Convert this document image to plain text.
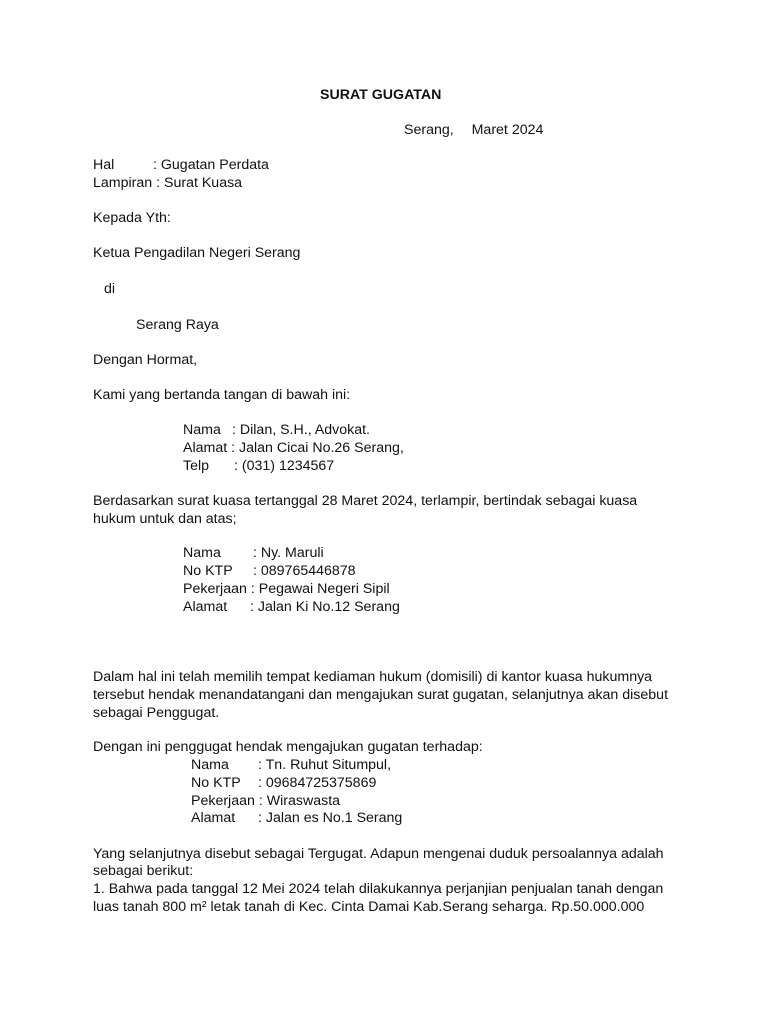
SURAT GUGATAN
Serang, Maret 2024
Hal	: Gugatan Perdata
Lampiran : Surat Kuasa
Kepada Yth:
Ketua Pengadilan Negeri Serang
di
Serang Raya
Dengan Hormat,
Kami yang bertanda tangan di bawah ini:
Nama : Dilan, S.H., Advokat.
Alamat : Jalan Cicai No.26 Serang,
Telp : (031) 1234567
Berdasarkan surat kuasa tertanggal 28 Maret 2024, terlampir, bertindak sebagai kuasa
hukum untuk dan atas;
Nama : Ny. Maruli
No KTP : 089765446878
Pekerjaan : Pegawai Negeri Sipil
Alamat : Jalan Ki No.12 Serang
Dalam hal ini telah memilih tempat kediaman hukum (domisili) di kantor kuasa hukumnya
tersebut hendak menandatangani dan mengajukan surat gugatan, selanjutnya akan disebut
sebagai Penggugat.
Dengan ini penggugat hendak mengajukan gugatan terhadap:
Nama : Tn. Ruhut Situmpul,
No KTP : 09684725375869
Pekerjaan : Wiraswasta
Alamat : Jalan es No.1 Serang
Yang selanjutnya disebut sebagai Tergugat. Adapun mengenai duduk persoalannya adalah
sebagai berikut:
1. Bahwa pada tanggal 12 Mei 2024 telah dilakukannya perjanjian penjualan tanah dengan
luas tanah 800 m² letak tanah di Kec. Cinta Damai Kab.Serang seharga. Rp.50.000.000
